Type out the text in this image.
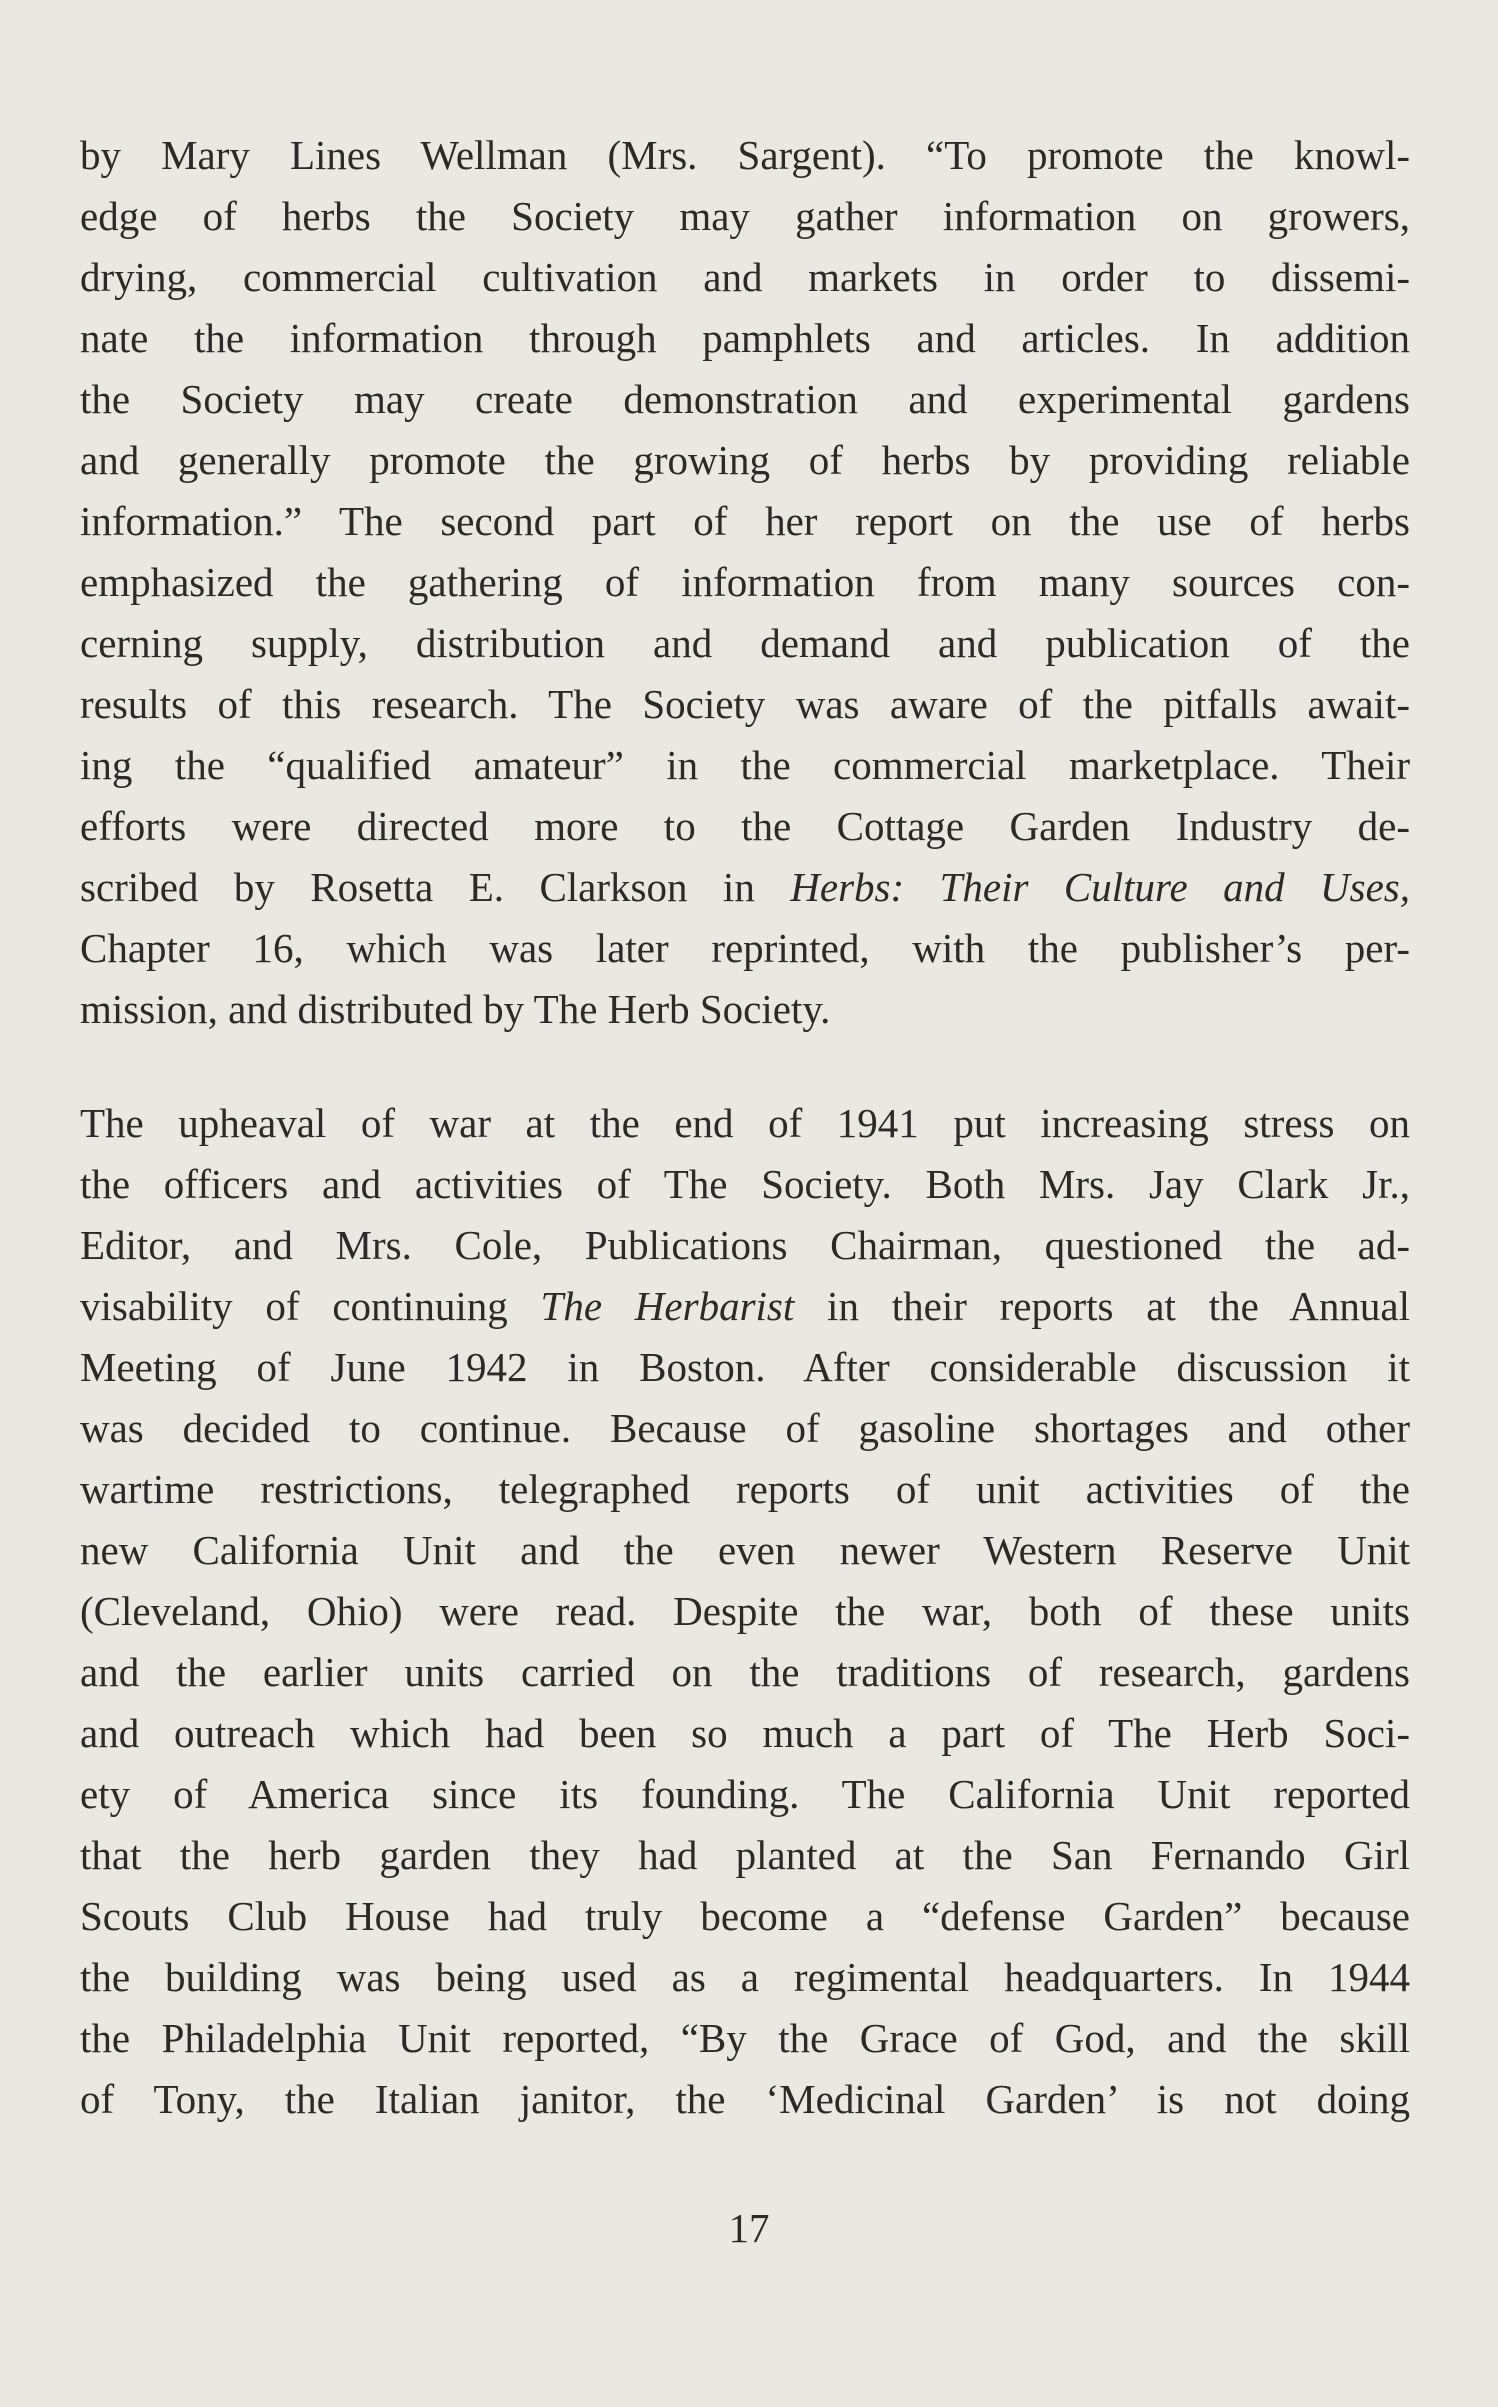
by Mary Lines Wellman (Mrs. Sargent). “To promote the knowl-
edge of herbs the Society may gather information on growers,
drying, commercial cultivation and markets in order to dissemi-
nate the information through pamphlets and articles. In addition
the Society may create demonstration and experimental gardens
and generally promote the growing of herbs by providing reliable
information.” The second part of her report on the use of herbs
emphasized the gathering of information from many sources con-
cerning supply, distribution and demand and publication of the
results of this research. The Society was aware of the pitfalls await-
ing the “qualified amateur” in the commercial marketplace. Their
efforts were directed more to the Cottage Garden Industry de-
scribed by Rosetta E. Clarkson in Herbs: Their Culture and Uses,
Chapter 16, which was later reprinted, with the publisher’s per-
mission, and distributed by The Herb Society.
The upheaval of war at the end of 1941 put increasing stress on
the officers and activities of The Society. Both Mrs. Jay Clark Jr.,
Editor, and Mrs. Cole, Publications Chairman, questioned the ad-
visability of continuing The Herbarist in their reports at the Annual
Meeting of June 1942 in Boston. After considerable discussion it
was decided to continue. Because of gasoline shortages and other
wartime restrictions, telegraphed reports of unit activities of the
new California Unit and the even newer Western Reserve Unit
(Cleveland, Ohio) were read. Despite the war, both of these units
and the earlier units carried on the traditions of research, gardens
and outreach which had been so much a part of The Herb Soci-
ety of America since its founding. The California Unit reported
that the herb garden they had planted at the San Fernando Girl
Scouts Club House had truly become a “defense Garden” because
the building was being used as a regimental headquarters. In 1944
the Philadelphia Unit reported, “By the Grace of God, and the skill
of Tony, the Italian janitor, the ‘Medicinal Garden’ is not doing
17
